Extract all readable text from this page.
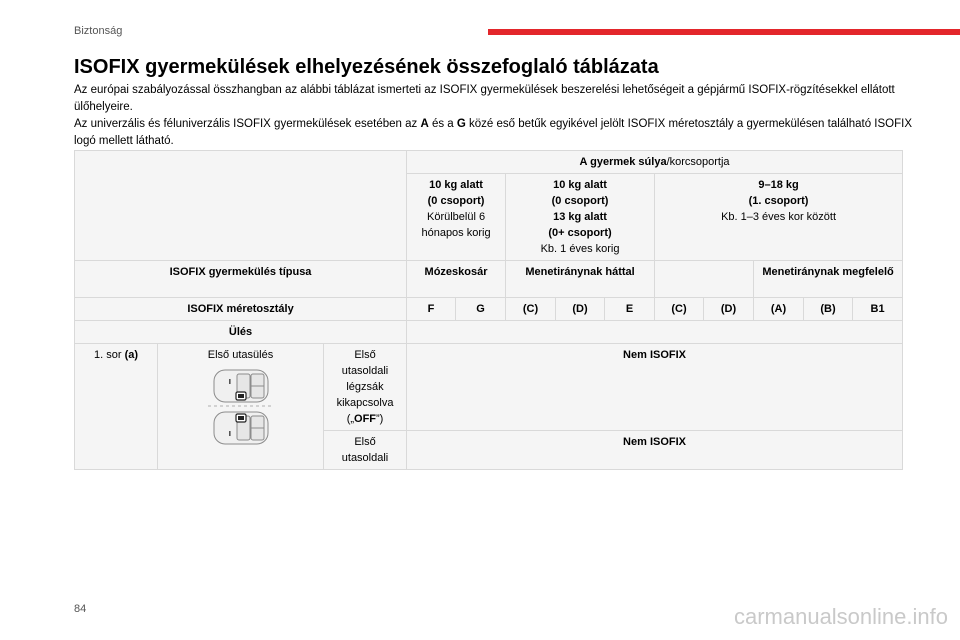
Biztonság
ISOFIX gyermekülések elhelyezésének összefoglaló táblázata

Az európai szabályozással összhangban az alábbi táblázat ismerteti az ISOFIX gyermekülések beszerelési lehetőségeit a gépjármű ISOFIX-rögzítésekkel ellátott ülőhelyeire.

Az univerzális és féluniverzális ISOFIX gyermekülések esetében az A és a G közé eső betűk egyikével jelölt ISOFIX méretosztály a gyermekülésen található ISOFIX logó mellett látható.

			A gyermek súlya/korcsoportja									
			10 kg alatt
(0 csoport)
Körülbelül 6
hónapos korig		10 kg alatt
(0 csoport)
13 kg alatt
(0+ csoport)
Kb. 1 éves korig			9–18 kg
(1. csoport)
Kb. 1–3 éves kor között				
ISOFIX gyermekülés típusa			Mózeskosár		Menetiránynak háttal					Menetiránynak megfelelő		
ISOFIX méretosztály			F	G	(C)	(D)	E	(C)	(D)	(A)	(B)	B1
Ülés												
1. sor (a)	Első utasülés	Első
utasoldali
légzsák
kikapcsolva
(„OFF”)	Nem ISOFIX									
		Első
utasoldali	Nem ISOFIX									
84	carmanualsonline.info
